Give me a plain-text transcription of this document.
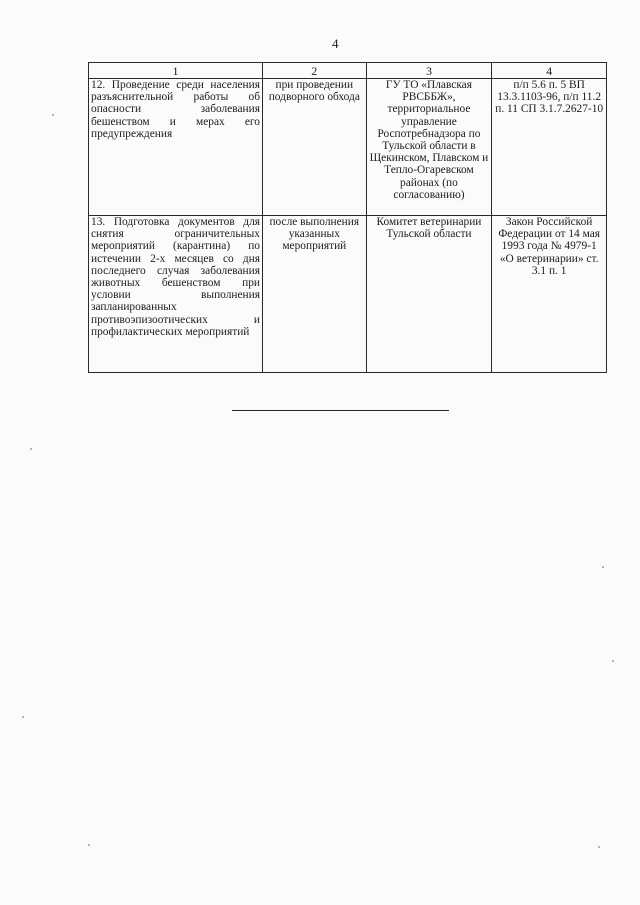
4
1	2	3	4
12. Проведение среди населения разъяснительной работы об опасности заболевания бешенством и мерах его предупреждения	при проведении подворного обхода	ГУ ТО «Плавская РВСББЖ», территориальное управление Роспотребнадзора по Тульской области в Щекинском, Плавском и Тепло-Огаревском районах (по согласованию)	п/п 5.6 п. 5 ВП 13.3.1103-96, п/п 11.2 п. 11 СП 3.1.7.2627-10
13. Подготовка документов для снятия ограничительных мероприятий (карантина) по истечении 2-х месяцев со дня последнего случая заболевания животных бешенством при условии выполнения запланированных противоэпизоотических и профилактических мероприятий	после выполнения указанных мероприятий	Комитет ветеринарии Тульской области	Закон Российской Федерации от 14 мая 1993 года № 4979-1 «О ветеринарии» ст. 3.1 п. 1
